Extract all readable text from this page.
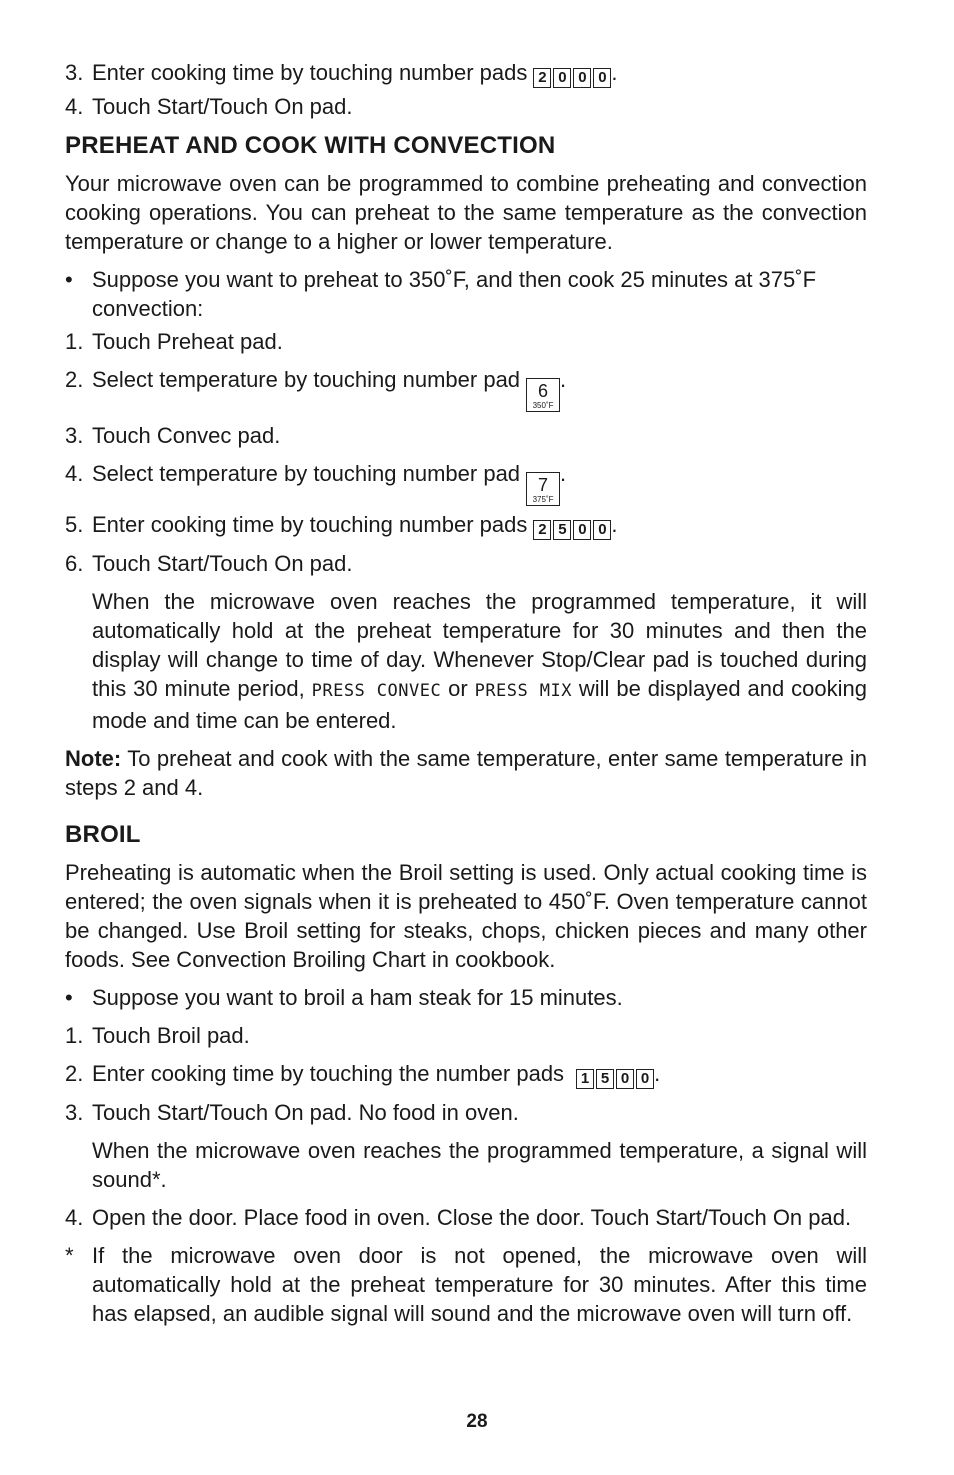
3. Enter cooking time by touching number pads 2 0 0 0 .
4. Touch Start/Touch On pad.
PREHEAT AND COOK WITH CONVECTION
Your microwave oven can be programmed to combine preheating and convection cooking operations. You can preheat to the same temperature as the convection temperature or change to a higher or lower temperature.
• Suppose you want to preheat to 350˚F, and then cook 25 minutes at 375˚F convection:
1. Touch Preheat pad.
2. Select temperature by touching number pad 6
350˚F
.
3. Touch Convec pad.
4. Select temperature by touching number pad 7
375˚F
.
5. Enter cooking time by touching number pads 2 5 0 0 .
6. Touch Start/Touch On pad.
When the microwave oven reaches the programmed temperature, it will automatically hold at the preheat temperature for 30 minutes and then the display will change to time of day. Whenever Stop/Clear pad is touched during this 30 minute period, PRESS CONVEC or PRESS MIX will be displayed and cooking mode and time can be entered.
Note: To preheat and cook with the same temperature, enter same temperature in steps 2 and 4.
BROIL
Preheating is automatic when the Broil setting is used. Only actual cooking time is entered; the oven signals when it is preheated to 450˚F. Oven temperature cannot be changed. Use Broil setting for steaks, chops, chicken pieces and many other foods. See Convection Broiling Chart in cookbook.
• Suppose you want to broil a ham steak for 15 minutes.
1. Touch Broil pad.
2. Enter cooking time by touching the number pads	1 5 0 0 .
3. Touch Start/Touch On pad. No food in oven.
When the microwave oven reaches the programmed temperature, a signal will sound*.
4. Open the door. Place food in oven. Close the door. Touch Start/Touch On pad.
* If the microwave oven door is not opened, the microwave oven will automatically hold at the preheat temperature for 30 minutes. After this time has elapsed, an audible signal will sound and the microwave oven will turn off.
28
